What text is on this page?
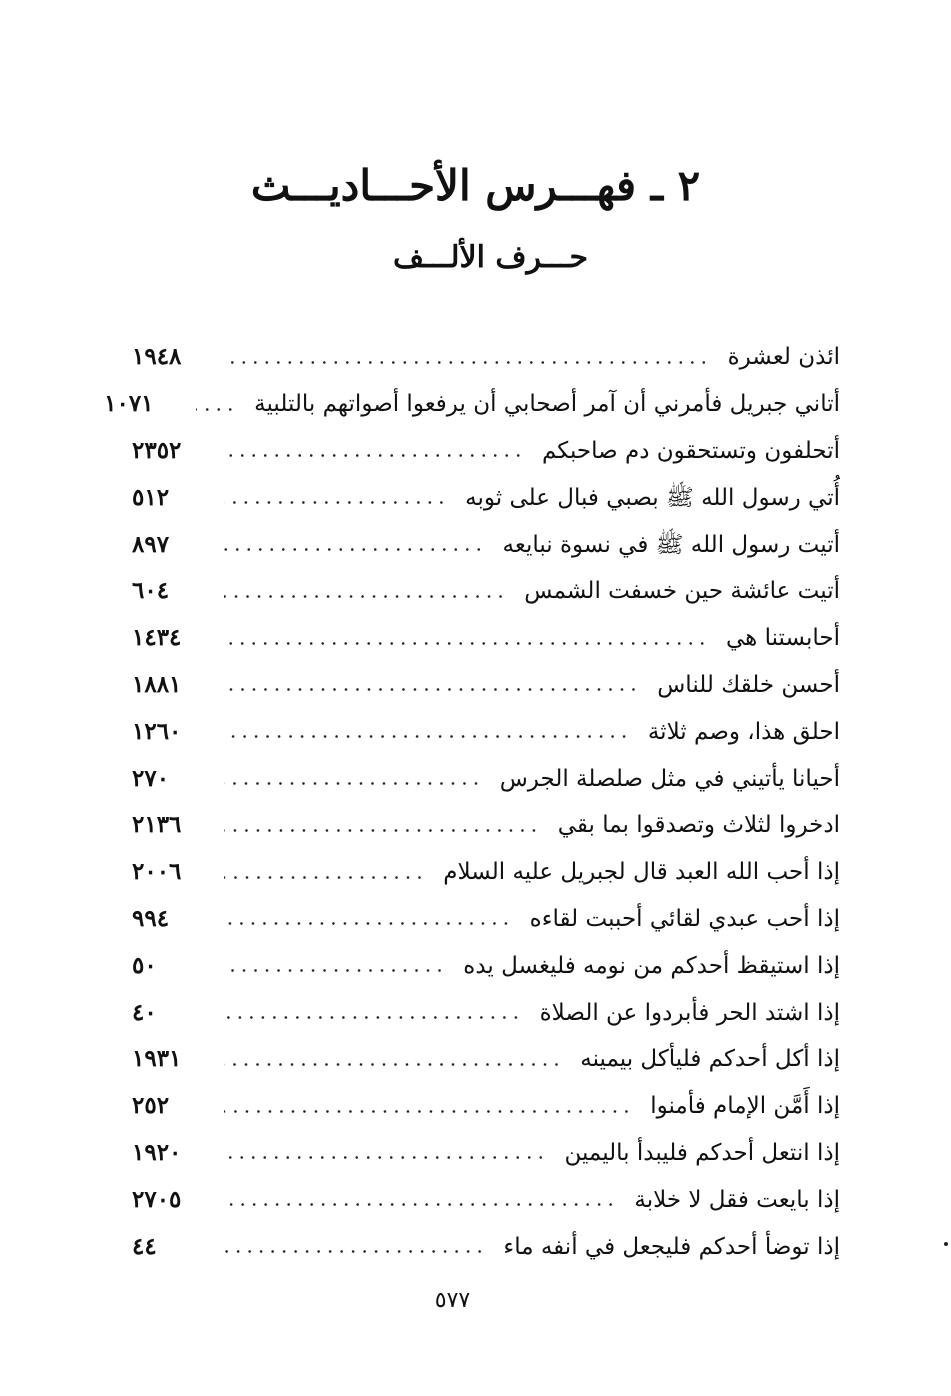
٢ ـ فهـــرس الأحـــاديـــث
حـــرف الألـــف
ائذن لعشرة
١٩٤٨
أتاني جبريل فأمرني أن آمر أصحابي أن يرفعوا أصواتهم بالتلبية
١٠٧١
أتحلفون وتستحقون دم صاحبكم
٢٣٥٢
أُتي رسول الله ﷺ بصبي فبال على ثوبه
٥١٢
أتيت رسول الله ﷺ في نسوة نبايعه
٨٩٧
أتيت عائشة حين خسفت الشمس
٦٠٤
أحابستنا هي
١٤٣٤
أحسن خلقك للناس
١٨٨١
احلق هذا، وصم ثلاثة
١٢٦٠
أحيانا يأتيني في مثل صلصلة الجرس
٢٧٠
ادخروا لثلاث وتصدقوا بما بقي
٢١٣٦
إذا أحب الله العبد قال لجبريل عليه السلام
٢٠٠٦
إذا أحب عبدي لقائي أحببت لقاءه
٩٩٤
إذا استيقظ أحدكم من نومه فليغسل يده
٥٠
إذا اشتد الحر فأبردوا عن الصلاة
٤٠
إذا أكل أحدكم فليأكل بيمينه
١٩٣١
إذا أَمَّن الإمام فأمنوا
٢٥٢
إذا انتعل أحدكم فليبدأ باليمين
١٩٢٠
إذا بايعت فقل لا خلابة
٢٧٠٥
إذا توضأ أحدكم فليجعل في أنفه ماء
٤٤
٥٧٧
